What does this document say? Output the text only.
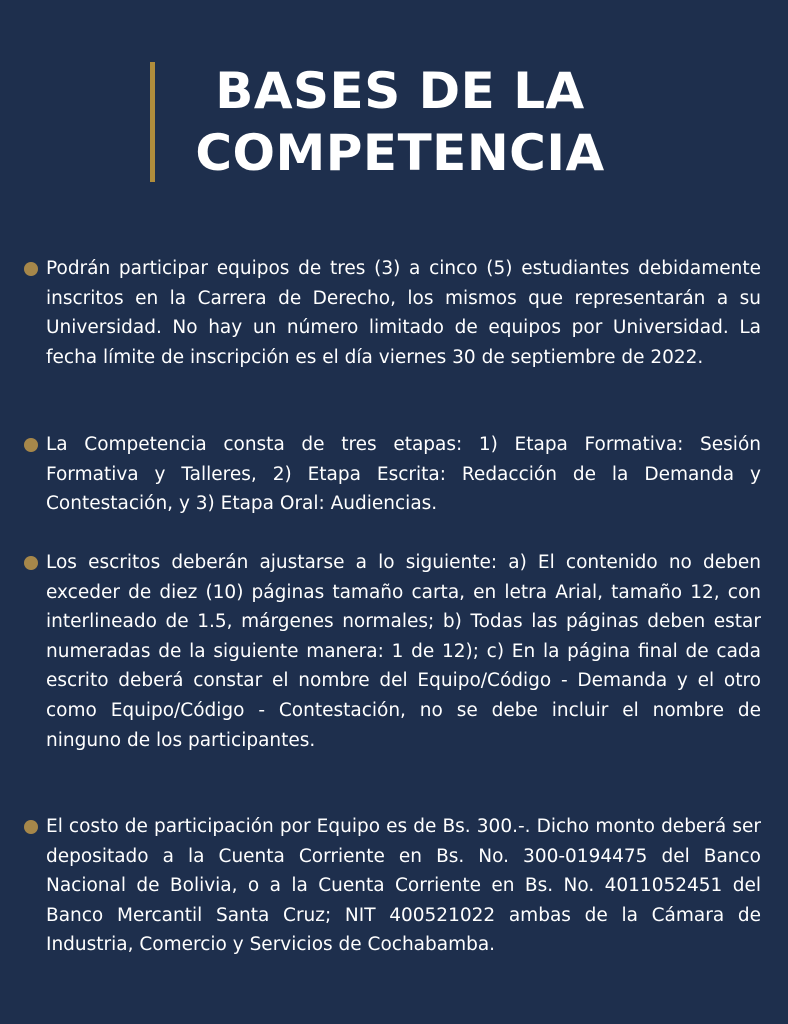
BASES DE LA
COMPETENCIA
Podrán participar equipos de tres (3) a cinco (5) estudiantes debidamente inscritos en la Carrera de Derecho, los mismos que representarán a su Universidad. No hay un número limitado de equipos por Universidad. La fecha límite de inscripción es el día viernes 30 de septiembre de 2022.
La Competencia consta de tres etapas: 1) Etapa Formativa: Sesión Formativa y Talleres, 2) Etapa Escrita: Redacción de la Demanda y Contestación, y 3) Etapa Oral: Audiencias.
Los escritos deberán ajustarse a lo siguiente: a) El contenido no deben exceder de diez (10) páginas tamaño carta, en letra Arial, tamaño 12, con interlineado de 1.5, márgenes normales; b) Todas las páginas deben estar numeradas de la siguiente manera: 1 de 12); c) En la página final de cada escrito deberá constar el nombre del Equipo/Código - Demanda y el otro como Equipo/Código - Contestación, no se debe incluir el nombre de ninguno de los participantes.
El costo de participación por Equipo es de Bs. 300.-. Dicho monto deberá ser depositado a la Cuenta Corriente en Bs. No. 300-0194475 del Banco Nacional de Bolivia, o a la Cuenta Corriente en Bs. No. 4011052451 del Banco Mercantil Santa Cruz; NIT 400521022 ambas de la Cámara de Industria, Comercio y Servicios de Cochabamba.
